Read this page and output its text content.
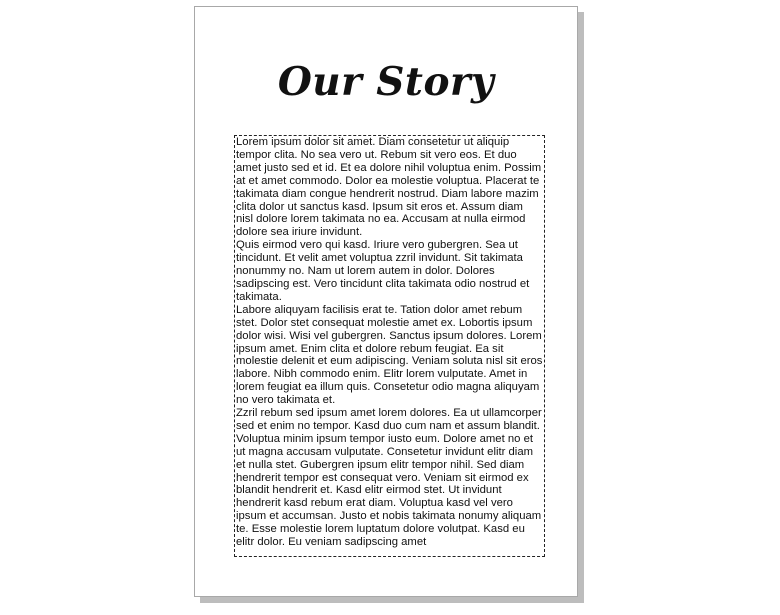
Our Story

Lorem ipsum dolor sit amet. Diam consetetur ut aliquip tempor clita. No sea vero ut. Rebum sit vero eos. Et duo amet justo sed et id. Et ea dolore nihil voluptua enim. Possim at et amet commodo. Dolor ea molestie voluptua. Placerat te takimata diam congue hendrerit nostrud. Diam labore mazim clita dolor ut sanctus kasd. Ipsum sit eros et. Assum diam nisl dolore lorem takimata no ea. Accusam at nulla eirmod dolore sea iriure invidunt.

Quis eirmod vero qui kasd. Iriure vero gubergren. Sea ut tincidunt. Et velit amet voluptua zzril invidunt. Sit takimata nonummy no. Nam ut lorem autem in dolor. Dolores sadipscing est. Vero tincidunt clita takimata odio nostrud et takimata.

Labore aliquyam facilisis erat te. Tation dolor amet rebum stet. Dolor stet consequat molestie amet ex. Lobortis ipsum dolor wisi. Wisi vel gubergren. Sanctus ipsum dolores. Lorem ipsum amet. Enim clita et dolore rebum feugiat. Ea sit molestie delenit et eum adipiscing. Veniam soluta nisl sit eros labore. Nibh commodo enim. Elitr lorem vulputate. Amet in lorem feugiat ea illum quis. Consetetur odio magna aliquyam no vero takimata et.

Zzril rebum sed ipsum amet lorem dolores. Ea ut ullamcorper sed et enim no tempor. Kasd duo cum nam et assum blandit. Voluptua minim ipsum tempor iusto eum. Dolore amet no et ut magna accusam vulputate. Consetetur invidunt elitr diam et nulla stet. Gubergren ipsum elitr tempor nihil. Sed diam hendrerit tempor est consequat vero. Veniam sit eirmod ex blandit hendrerit et. Kasd elitr eirmod stet. Ut invidunt hendrerit kasd rebum erat diam. Voluptua kasd vel vero ipsum et accumsan. Justo et nobis takimata nonumy aliquam te. Esse molestie lorem luptatum dolore volutpat. Kasd eu elitr dolor. Eu veniam sadipscing amet
